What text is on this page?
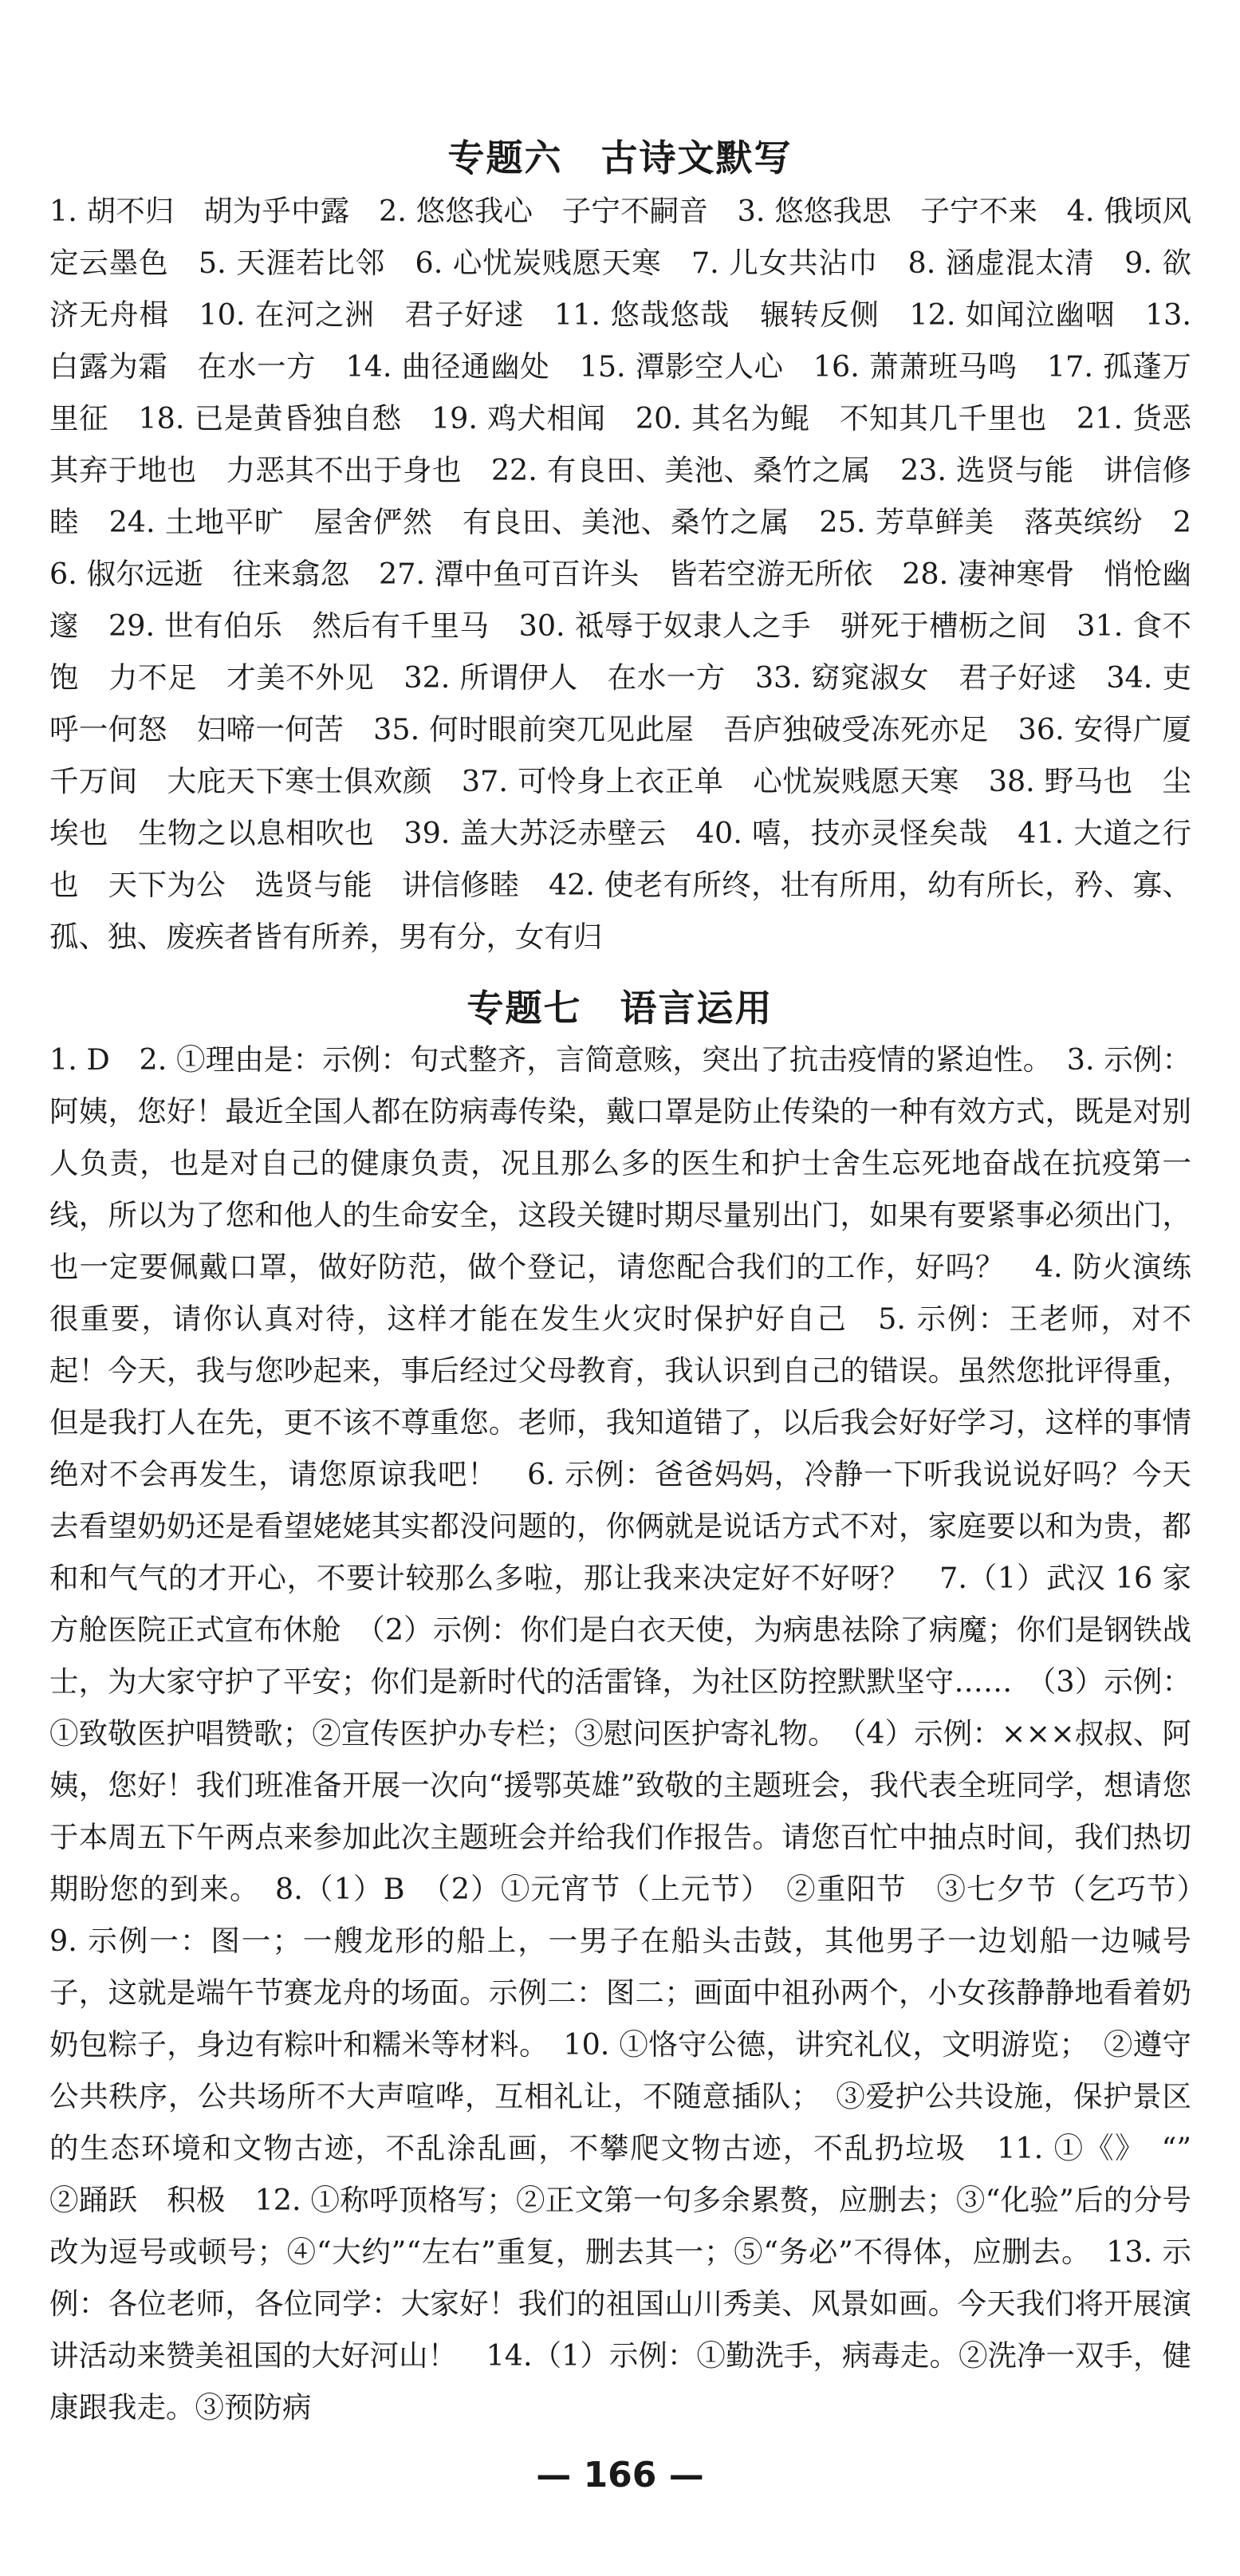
专题六　古诗文默写

1. 胡不归　胡为乎中露　2. 悠悠我心　子宁不嗣音　3. 悠悠我思　子宁不来　4. 俄顷风定云墨色　5. 天涯若比邻　6. 心忧炭贱愿天寒　7. 儿女共沾巾　8. 涵虚混太清　9. 欲济无舟楫　10. 在河之洲　君子好逑　11. 悠哉悠哉　辗转反侧　12. 如闻泣幽咽　13. 白露为霜　在水一方　14. 曲径通幽处　15. 潭影空人心　16. 萧萧班马鸣　17. 孤蓬万里征　18. 已是黄昏独自愁　19. 鸡犬相闻　20. 其名为鲲　不知其几千里也　21. 货恶其弃于地也　力恶其不出于身也　22. 有良田、美池、桑竹之属　23. 选贤与能　讲信修睦　24. 土地平旷　屋舍俨然　有良田、美池、桑竹之属　25. 芳草鲜美　落英缤纷　26. 俶尔远逝　往来翕忽　27. 潭中鱼可百许头　皆若空游无所依　28. 凄神寒骨　悄怆幽邃　29. 世有伯乐　然后有千里马　30. 祗辱于奴隶人之手　骈死于槽枥之间　31. 食不饱　力不足　才美不外见　32. 所谓伊人　在水一方　33. 窈窕淑女　君子好逑　34. 吏呼一何怒　妇啼一何苦　35. 何时眼前突兀见此屋　吾庐独破受冻死亦足　36. 安得广厦千万间　大庇天下寒士俱欢颜　37. 可怜身上衣正单　心忧炭贱愿天寒　38. 野马也　尘埃也　生物之以息相吹也　39. 盖大苏泛赤壁云　40. 嘻，技亦灵怪矣哉　41. 大道之行也　天下为公　选贤与能　讲信修睦　42. 使老有所终，壮有所用，幼有所长，矜、寡、孤、独、废疾者皆有所养，男有分，女有归

专题七　语言运用

1. D　2. ①理由是：示例：句式整齐，言简意赅，突出了抗击疫情的紧迫性。　3. 示例：阿姨，您好！最近全国人都在防病毒传染，戴口罩是防止传染的一种有效方式，既是对别人负责，也是对自己的健康负责，况且那么多的医生和护士舍生忘死地奋战在抗疫第一线，所以为了您和他人的生命安全，这段关键时期尽量别出门，如果有要紧事必须出门，也一定要佩戴口罩，做好防范，做个登记，请您配合我们的工作，好吗？　4. 防火演练很重要，请你认真对待，这样才能在发生火灾时保护好自己　5. 示例：王老师，对不起！今天，我与您吵起来，事后经过父母教育，我认识到自己的错误。虽然您批评得重，但是我打人在先，更不该不尊重您。老师，我知道错了，以后我会好好学习，这样的事情绝对不会再发生，请您原谅我吧！　6. 示例：爸爸妈妈，冷静一下听我说说好吗？今天去看望奶奶还是看望姥姥其实都没问题的，你俩就是说话方式不对，家庭要以和为贵，都和和气气的才开心，不要计较那么多啦，那让我来决定好不好呀？　7.（1）武汉 16 家方舱医院正式宣布休舱　（2）示例：你们是白衣天使，为病患祛除了病魔；你们是钢铁战士，为大家守护了平安；你们是新时代的活雷锋，为社区防控默默坚守……　（3）示例：①致敬医护唱赞歌；②宣传医护办专栏；③慰问医护寄礼物。　（4）示例：×××叔叔、阿姨，您好！我们班准备开展一次向“援鄂英雄”致敬的主题班会，我代表全班同学，想请您于本周五下午两点来参加此次主题班会并给我们作报告。请您百忙中抽点时间，我们热切期盼您的到来。　8.（1）B　（2）①元宵节（上元节）　②重阳节　③七夕节（乞巧节）　9. 示例一：图一；一艘龙形的船上，一男子在船头击鼓，其他男子一边划船一边喊号子，这就是端午节赛龙舟的场面。示例二：图二；画面中祖孙两个，小女孩静静地看着奶奶包粽子，身边有粽叶和糯米等材料。　10. ①恪守公德，讲究礼仪，文明游览；　②遵守公共秩序，公共场所不大声喧哗，互相礼让，不随意插队；　③爱护公共设施，保护景区的生态环境和文物古迹，不乱涂乱画，不攀爬文物古迹，不乱扔垃圾　11. ①《》　“”　②踊跃　积极　12. ①称呼顶格写；②正文第一句多余累赘，应删去；③“化验”后的分号改为逗号或顿号；④“大约”“左右”重复，删去其一；⑤“务必”不得体，应删去。　13. 示例：各位老师，各位同学：大家好！我们的祖国山川秀美、风景如画。今天我们将开展演讲活动来赞美祖国的大好河山！　14.（1）示例：①勤洗手，病毒走。②洗净一双手，健康跟我走。③预防病

— 166 —
